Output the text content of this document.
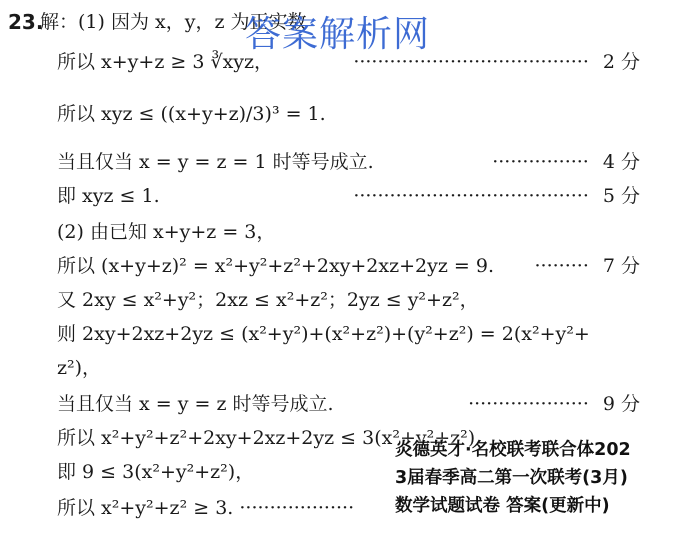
23.
解：(1) 因为 x，y，z 为正实数
所以 x+y+z ≥ 3 ∛xyz，	······································· 2 分
所以 xyz ≤ ((x+y+z)/3)³ = 1.
当且仅当 x = y = z = 1 时等号成立.	················ 4 分
即 xyz ≤ 1.	······································· 5 分
(2) 由已知 x+y+z = 3，
所以 (x+y+z)² = x²+y²+z²+2xy+2xz+2yz = 9. ········· 7 分
又 2xy ≤ x²+y²；2xz ≤ x²+z²；2yz ≤ y²+z²，
则 2xy+2xz+2yz ≤ (x²+y²)+(x²+z²)+(y²+z²) = 2(x²+y²+
z²)，
当且仅当 x = y = z 时等号成立.	···················· 9 分
所以 x²+y²+z²+2xy+2xz+2yz ≤ 3(x²+y²+z²)
即 9 ≤ 3(x²+y²+z²)，
所以 x²+y²+z² ≥ 3. ···················
答案解析网
炎德英才·名校联考联合体202
3届春季高二第一次联考(3月)
数学试题试卷 答案(更新中)
